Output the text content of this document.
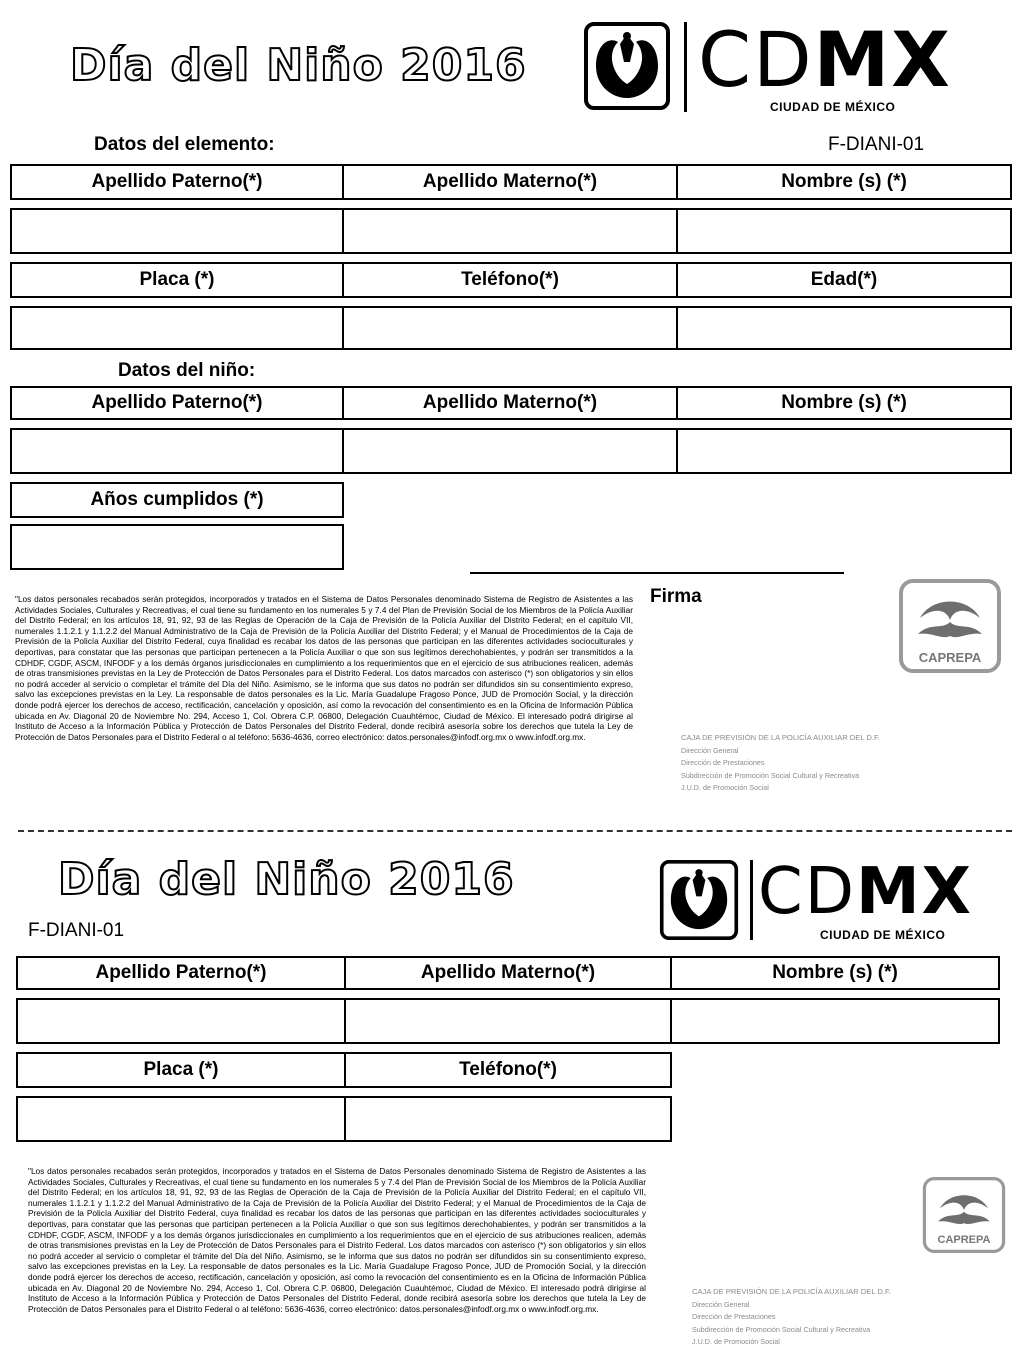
Día del Niño 2016 CDMX
CIUDAD DE MÉXICO
Datos del elemento:	F-DIANI-01
Apellido Paterno(*)	Apellido Materno(*)	Nombre (s) (*)
Placa (*)	Teléfono(*)	Edad(*)
Datos del niño:
Apellido Paterno(*)	Apellido Materno(*)	Nombre (s) (*)
Años cumplidos (*)
Firma
"Los datos personales recabados serán protegidos, incorporados y tratados en el Sistema de Datos Personales denominado Sistema de Registro de Asistentes a las Actividades Sociales, Culturales y Recreativas, el cual tiene su fundamento en los numerales 5 y 7.4 del Plan de Previsión Social de los Miembros de la Policía Auxiliar del Distrito Federal; en los artículos 18, 91, 92, 93 de las Reglas de Operación de la Caja de Previsión de la Policía Auxiliar del Distrito Federal; en el capítulo VII, numerales 1.1.2.1 y 1.1.2.2 del Manual Administrativo de la Caja de Previsión de la Policía Auxiliar del Distrito Federal; y el Manual de Procedimientos de la Caja de Previsión de la Policía Auxiliar del Distrito Federal, cuya finalidad es recabar los datos de las personas que participan en las diferentes actividades socioculturales y deportivas, para constatar que las personas que participan pertenecen a la Policía Auxiliar o que son sus legítimos derechohabientes, y podrán ser transmitidos a la CDHDF, CGDF, ASCM, INFODF y a los demás órganos jurisdiccionales en cumplimiento a los requerimientos que en el ejercicio de sus atribuciones realicen, además de otras transmisiones previstas en la Ley de Protección de Datos Personales para el Distrito Federal. Los datos marcados con asterisco (*) son obligatorios y sin ellos no podrá acceder al servicio o completar el trámite del Día del Niño. Asimismo, se le informa que sus datos no podrán ser difundidos sin su consentimiento expreso, salvo las excepciones previstas en la Ley. La responsable de datos personales es la Lic. María Guadalupe Fragoso Ponce, JUD de Promoción Social, y la dirección donde podrá ejercer los derechos de acceso, rectificación, cancelación y oposición, así como la revocación del consentimiento es en la Oficina de Información Pública ubicada en Av. Diagonal 20 de Noviembre No. 294, Acceso 1, Col. Obrera C.P. 06800, Delegación Cuauhtémoc, Ciudad de México. El interesado podrá dirigirse al Instituto de Acceso a la Información Pública y Protección de Datos Personales del Distrito Federal, donde recibirá asesoría sobre los derechos que tutela la Ley de Protección de Datos Personales para el Distrito Federal o al teléfono: 5636-4636, correo electrónico: datos.personales@infodf.org.mx o www.infodf.org.mx.
CAPREPA
CAJA DE PREVISIÓN DE LA POLICÍA AUXILIAR DEL D.F.
Dirección General
Dirección de Prestaciones
Subdirección de Promoción Social Cultural y Recreativa
J.U.D. de Promoción Social
Día del Niño 2016	CDMX
CIUDAD DE MÉXICO
F-DIANI-01
Apellido Paterno(*)	Apellido Materno(*)	Nombre (s) (*)
Placa (*)	Teléfono(*)
"Los datos personales recabados serán protegidos, incorporados y tratados en el Sistema de Datos Personales denominado Sistema de Registro de Asistentes a las Actividades Sociales, Culturales y Recreativas, el cual tiene su fundamento en los numerales 5 y 7.4 del Plan de Previsión Social de los Miembros de la Policía Auxiliar del Distrito Federal; en los artículos 18, 91, 92, 93 de las Reglas de Operación de la Caja de Previsión de la Policía Auxiliar del Distrito Federal; en el capítulo VII, numerales 1.1.2.1 y 1.1.2.2 del Manual Administrativo de la Caja de Previsión de la Policía Auxiliar del Distrito Federal; y el Manual de Procedimientos de la Caja de Previsión de la Policía Auxiliar del Distrito Federal, cuya finalidad es recabar los datos de las personas que participan en las diferentes actividades socioculturales y deportivas, para constatar que las personas que participan pertenecen a la Policía Auxiliar o que son sus legítimos derechohabientes, y podrán ser transmitidos a la CDHDF, CGDF, ASCM, INFODF y a los demás órganos jurisdiccionales en cumplimiento a los requerimientos que en el ejercicio de sus atribuciones realicen, además de otras transmisiones previstas en la Ley de Protección de Datos Personales para el Distrito Federal. Los datos marcados con asterisco (*) son obligatorios y sin ellos no podrá acceder al servicio o completar el trámite del Día del Niño. Asimismo, se le informa que sus datos no podrán ser difundidos sin su consentimiento expreso, salvo las excepciones previstas en la Ley. La responsable de datos personales es la Lic. María Guadalupe Fragoso Ponce, JUD de Promoción Social, y la dirección donde podrá ejercer los derechos de acceso, rectificación, cancelación y oposición, así como la revocación del consentimiento es en la Oficina de Información Pública ubicada en Av. Diagonal 20 de Noviembre No. 294, Acceso 1, Col. Obrera C.P. 06800, Delegación Cuauhtémoc, Ciudad de México. El interesado podrá dirigirse al Instituto de Acceso a la Información Pública y Protección de Datos Personales del Distrito Federal, donde recibirá asesoría sobre los derechos que tutela la Ley de Protección de Datos Personales para el Distrito Federal o al teléfono: 5636-4636, correo electrónico: datos.personales@infodf.org.mx o www.infodf.org.mx.
CAPREPA
CAJA DE PREVISIÓN DE LA POLICÍA AUXILIAR DEL D.F.
Dirección General
Dirección de Prestaciones
Subdirección de Promoción Social Cultural y Recreativa
J.U.D. de Promoción Social
